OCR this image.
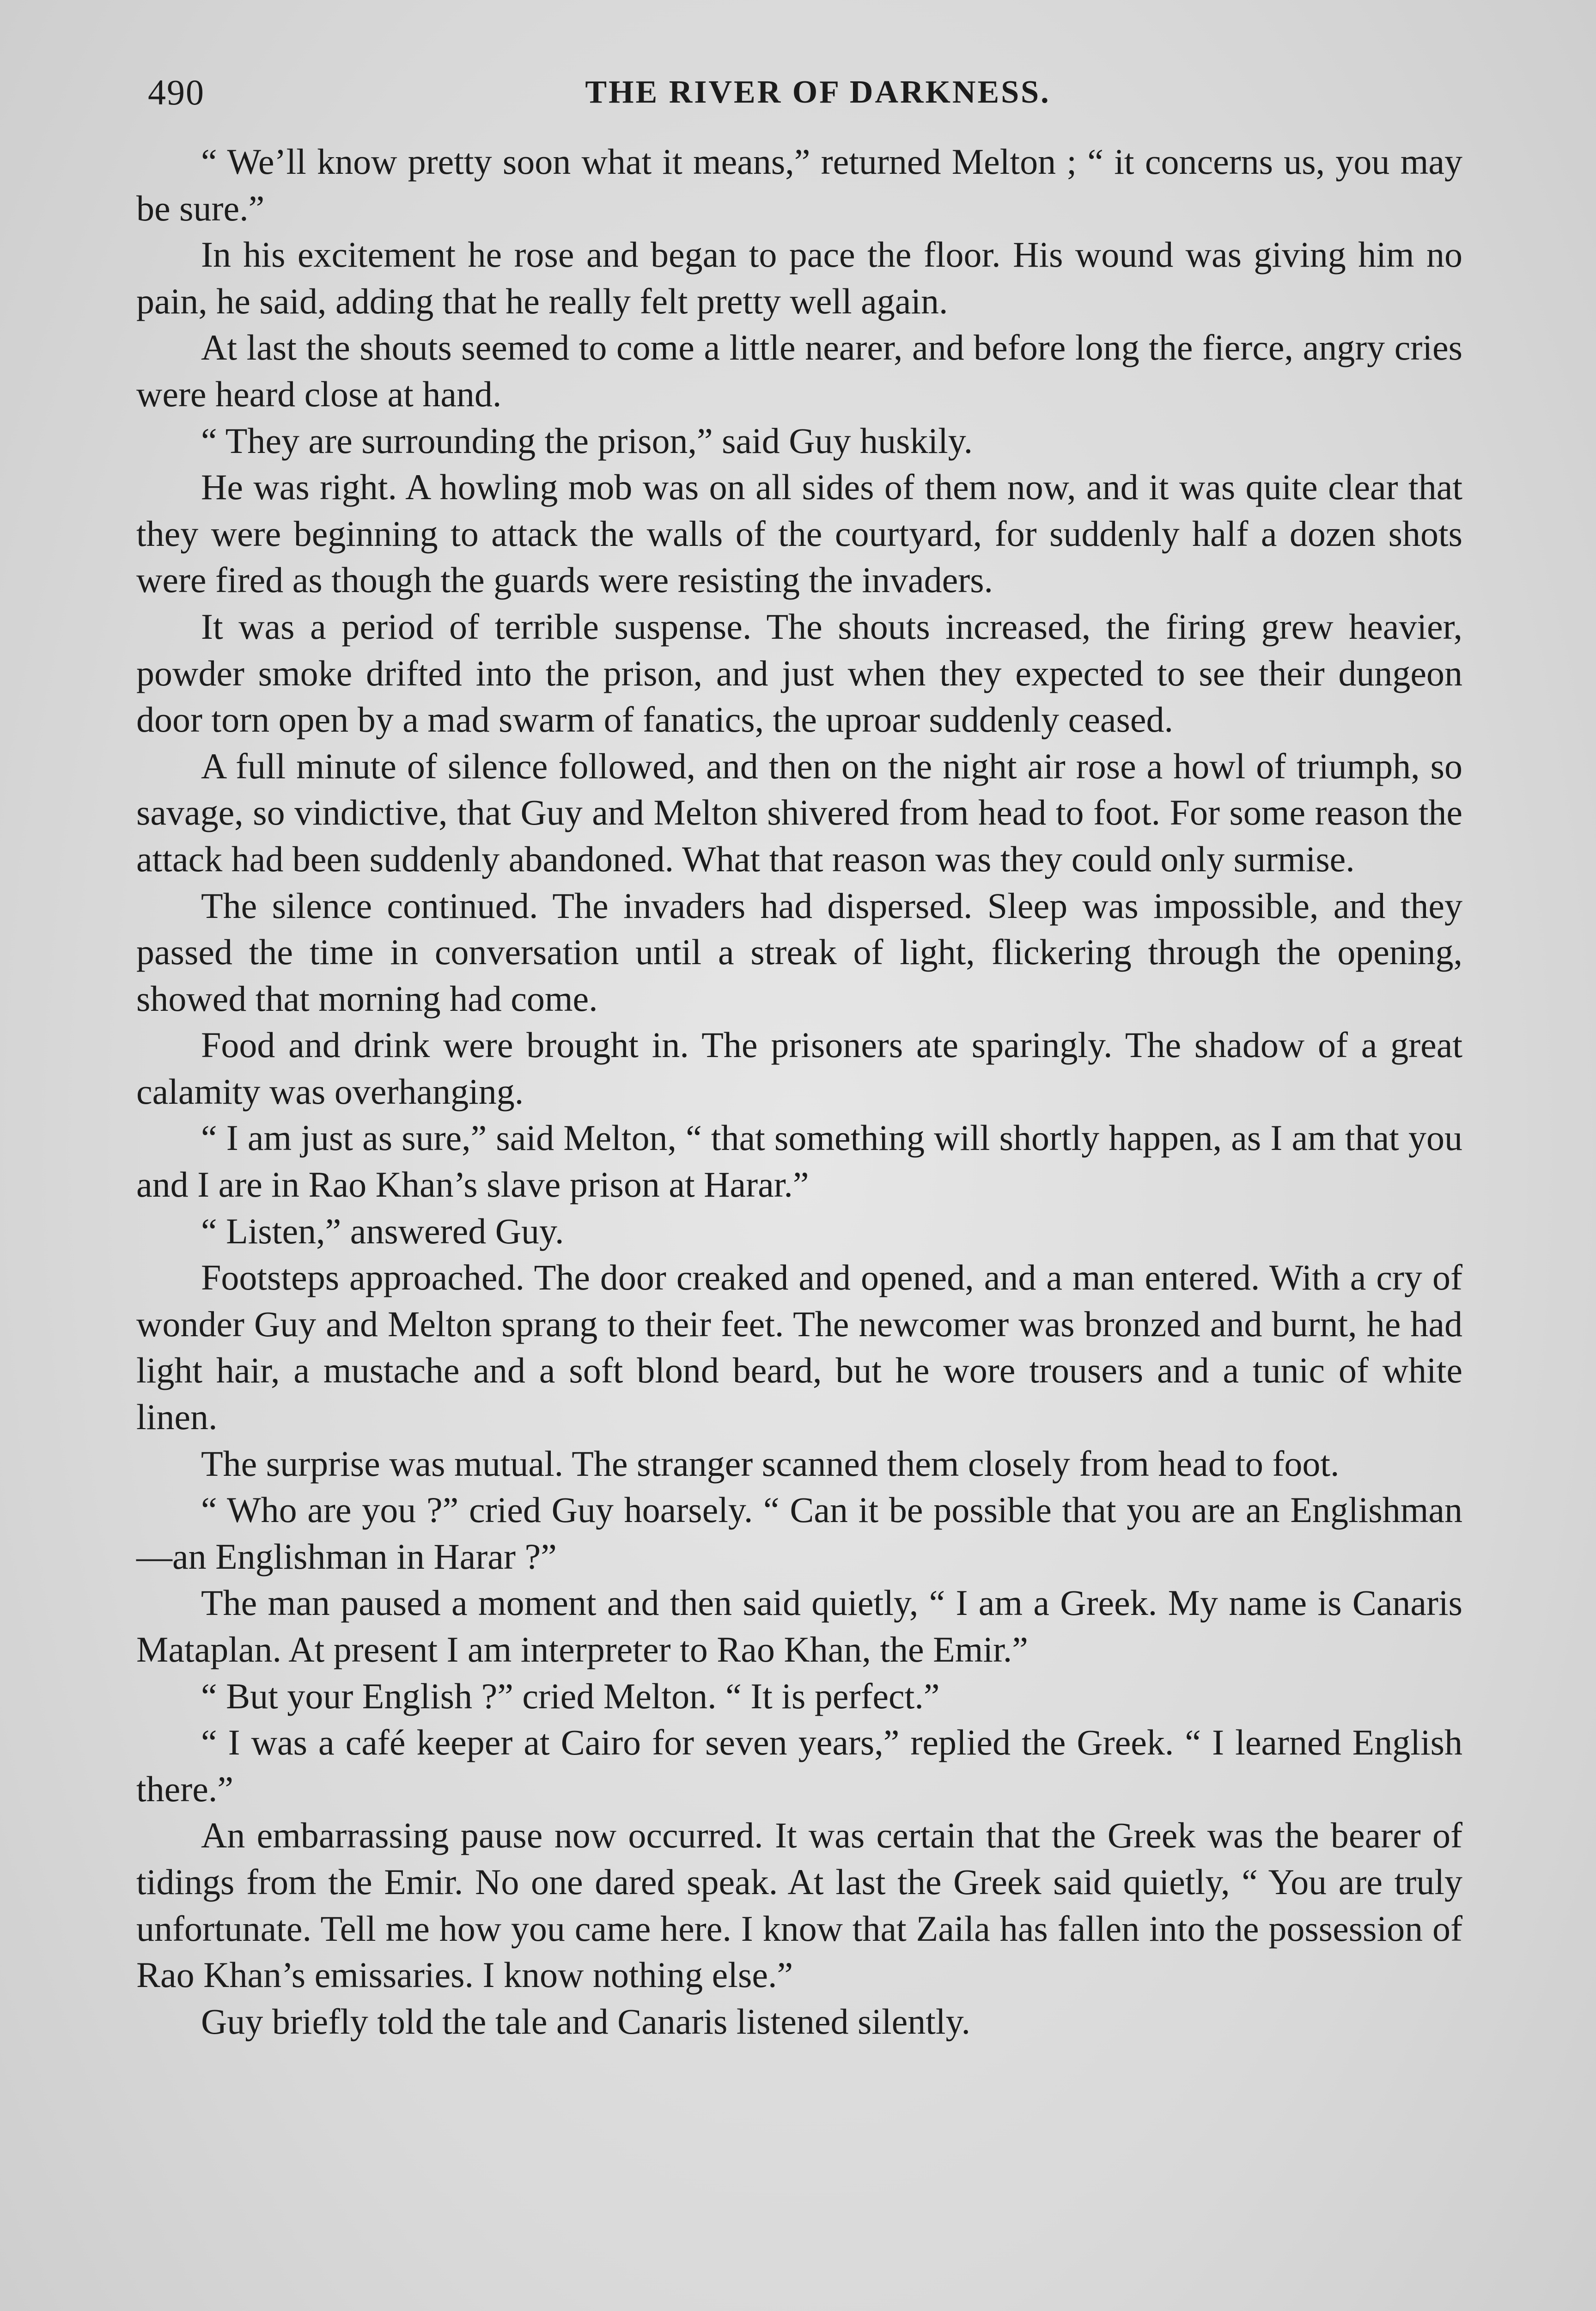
490	THE RIVER OF DARKNESS.

“ We’ll know pretty soon what it means,” returned Melton ; “ it concerns us, you may be sure.”

In his excitement he rose and began to pace the floor. His wound was giving him no pain, he said, adding that he really felt pretty well again.

At last the shouts seemed to come a little nearer, and before long the fierce, angry cries were heard close at hand.

“ They are surrounding the prison,” said Guy huskily.

He was right. A howling mob was on all sides of them now, and it was quite clear that they were beginning to attack the walls of the courtyard, for suddenly half a dozen shots were fired as though the guards were resisting the invaders.

It was a period of terrible suspense. The shouts increased, the firing grew heavier, powder smoke drifted into the prison, and just when they expected to see their dungeon door torn open by a mad swarm of fanatics, the uproar suddenly ceased.

A full minute of silence followed, and then on the night air rose a howl of triumph, so savage, so vindictive, that Guy and Melton shivered from head to foot. For some reason the attack had been suddenly abandoned. What that reason was they could only surmise.

The silence continued. The invaders had dispersed. Sleep was impossible, and they passed the time in conversation until a streak of light, flickering through the opening, showed that morning had come.

Food and drink were brought in. The prisoners ate sparingly. The shadow of a great calamity was overhanging.

“ I am just as sure,” said Melton, “ that something will shortly happen, as I am that you and I are in Rao Khan’s slave prison at Harar.”

“ Listen,” answered Guy.

Footsteps approached. The door creaked and opened, and a man entered. With a cry of wonder Guy and Melton sprang to their feet. The newcomer was bronzed and burnt, he had light hair, a mustache and a soft blond beard, but he wore trousers and a tunic of white linen.

The surprise was mutual. The stranger scanned them closely from head to foot.

“ Who are you ?” cried Guy hoarsely. “ Can it be possible that you are an Englishman—an Englishman in Harar ?”

The man paused a moment and then said quietly, “ I am a Greek. My name is Canaris Mataplan. At present I am interpreter to Rao Khan, the Emir.”

“ But your English ?” cried Melton. “ It is perfect.”

“ I was a café keeper at Cairo for seven years,” replied the Greek. “ I learned English there.”

An embarrassing pause now occurred. It was certain that the Greek was the bearer of tidings from the Emir. No one dared speak. At last the Greek said quietly, “ You are truly unfortunate. Tell me how you came here. I know that Zaila has fallen into the possession of Rao Khan’s emissaries. I know nothing else.”

Guy briefly told the tale and Canaris listened silently.
